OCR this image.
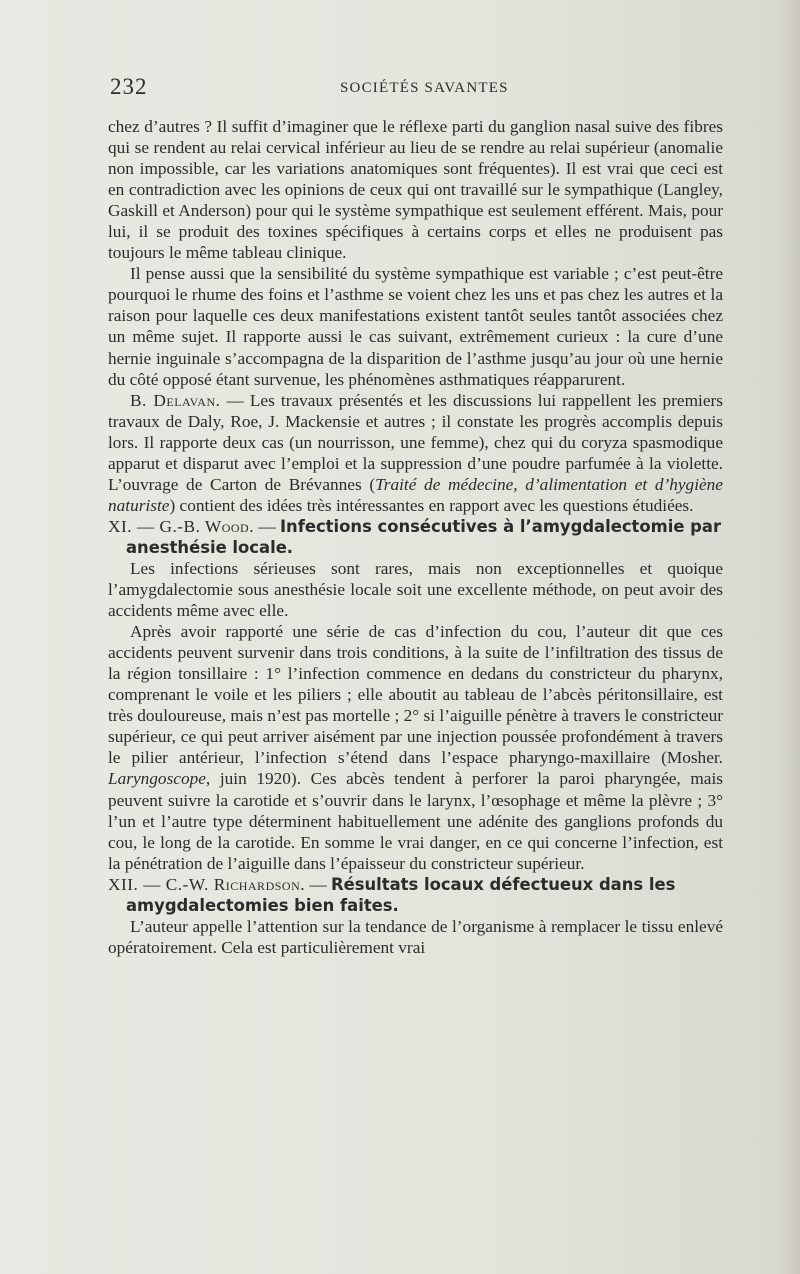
232	SOCIÉTÉS SAVANTES

chez d’autres ? Il suffit d’imaginer que le réflexe parti du ganglion nasal suive des fibres qui se rendent au relai cervical inférieur au lieu de se rendre au relai supérieur (anomalie non impossible, car les variations anatomiques sont fréquentes). Il est vrai que ceci est en contradiction avec les opinions de ceux qui ont travaillé sur le sympathique (Langley, Gaskill et Anderson) pour qui le système sympathique est seulement efférent. Mais, pour lui, il se produit des toxines spécifiques à certains corps et elles ne produisent pas toujours le même tableau clinique.

Il pense aussi que la sensibilité du système sympathique est variable ; c’est peut-être pourquoi le rhume des foins et l’asthme se voient chez les uns et pas chez les autres et la raison pour laquelle ces deux manifestations existent tantôt seules tantôt associées chez un même sujet. Il rapporte aussi le cas suivant, extrêmement curieux : la cure d’une hernie inguinale s’accompagna de la disparition de l’asthme jusqu’au jour où une hernie du côté opposé étant survenue, les phénomènes asthmatiques réapparurent.

B. Delavan. — Les travaux présentés et les discussions lui rappellent les premiers travaux de Daly, Roe, J. Mackensie et autres ; il constate les progrès accomplis depuis lors. Il rapporte deux cas (un nourrisson, une femme), chez qui du coryza spasmodique apparut et disparut avec l’emploi et la suppression d’une poudre parfumée à la violette. L’ouvrage de Carton de Brévannes (Traité de médecine, d’alimentation et d’hygiène naturiste) contient des idées très intéressantes en rapport avec les questions étudiées.

XI. — G.-B. Wood. — Infections consécutives à l’amygdalectomie par anesthésie locale.

Les infections sérieuses sont rares, mais non exceptionnelles et quoique l’amygdalectomie sous anesthésie locale soit une excellente méthode, on peut avoir des accidents même avec elle.

Après avoir rapporté une série de cas d’infection du cou, l’auteur dit que ces accidents peuvent survenir dans trois conditions, à la suite de l’infiltration des tissus de la région tonsillaire : 1° l’infection commence en dedans du constricteur du pharynx, comprenant le voile et les piliers ; elle aboutit au tableau de l’abcès péritonsillaire, est très douloureuse, mais n’est pas mortelle ; 2° si l’aiguille pénètre à travers le constricteur supérieur, ce qui peut arriver aisément par une injection poussée profondément à travers le pilier antérieur, l’infection s’étend dans l’espace pharyngo-maxillaire (Mosher. Laryngoscope, juin 1920). Ces abcès tendent à perforer la paroi pharyngée, mais peuvent suivre la carotide et s’ouvrir dans le larynx, l’œsophage et même la plèvre ; 3° l’un et l’autre type déterminent habituellement une adénite des ganglions profonds du cou, le long de la carotide. En somme le vrai danger, en ce qui concerne l’infection, est la pénétration de l’aiguille dans l’épaisseur du constricteur supérieur.

XII. — C.-W. Richardson. — Résultats locaux défectueux dans les amygdalectomies bien faites.

L’auteur appelle l’attention sur la tendance de l’organisme à remplacer le tissu enlevé opératoirement. Cela est particulièrement vrai
